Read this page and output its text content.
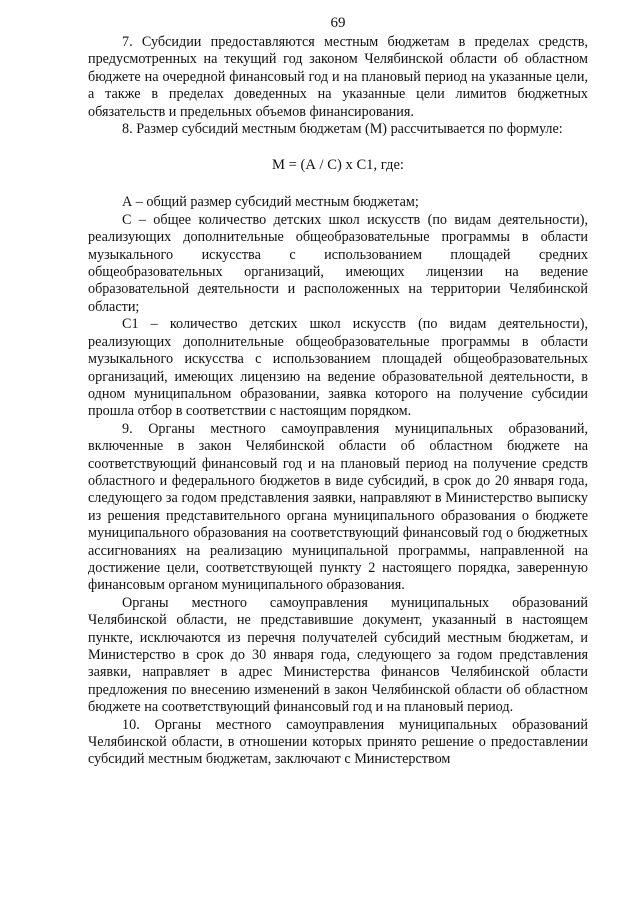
69

7. Субсидии предоставляются местным бюджетам в пределах средств, предусмотренных на текущий год законом Челябинской области об областном бюджете на очередной финансовый год и на плановый период на указанные цели, а также в пределах доведенных на указанные цели лимитов бюджетных обязательств и предельных объемов финансирования.

8. Размер субсидий местным бюджетам (М) рассчитывается по формуле:

М = (А / С) х С1, где:

А – общий размер субсидий местным бюджетам;

С – общее количество детских школ искусств (по видам деятельности), реализующих дополнительные общеобразовательные программы в области музыкального искусства с использованием площадей средних общеобразовательных организаций, имеющих лицензии на ведение образовательной деятельности и расположенных на территории Челябинской области;

С1 – количество детских школ искусств (по видам деятельности), реализующих дополнительные общеобразовательные программы в области музыкального искусства с использованием площадей общеобразовательных организаций, имеющих лицензию на ведение образовательной деятельности, в одном муниципальном образовании, заявка которого на получение субсидии прошла отбор в соответствии с настоящим порядком.

9. Органы местного самоуправления муниципальных образований, включенные в закон Челябинской области об областном бюджете на соответствующий финансовый год и на плановый период на получение средств областного и федерального бюджетов в виде субсидий, в срок до 20 января года, следующего за годом представления заявки, направляют в Министерство выписку из решения представительного органа муниципального образования о бюджете муниципального образования на соответствующий финансовый год о бюджетных ассигнованиях на реализацию муниципальной программы, направленной на достижение цели, соответствующей пункту 2 настоящего порядка, заверенную финансовым органом муниципального образования.

Органы местного самоуправления муниципальных образований Челябинской области, не представившие документ, указанный в настоящем пункте, исключаются из перечня получателей субсидий местным бюджетам, и Министерство в срок до 30 января года, следующего за годом представления заявки, направляет в адрес Министерства финансов Челябинской области предложения по внесению изменений в закон Челябинской области об областном бюджете на соответствующий финансовый год и на плановый период.

10. Органы местного самоуправления муниципальных образований Челябинской области, в отношении которых принято решение о предоставлении субсидий местным бюджетам, заключают с Министерством
